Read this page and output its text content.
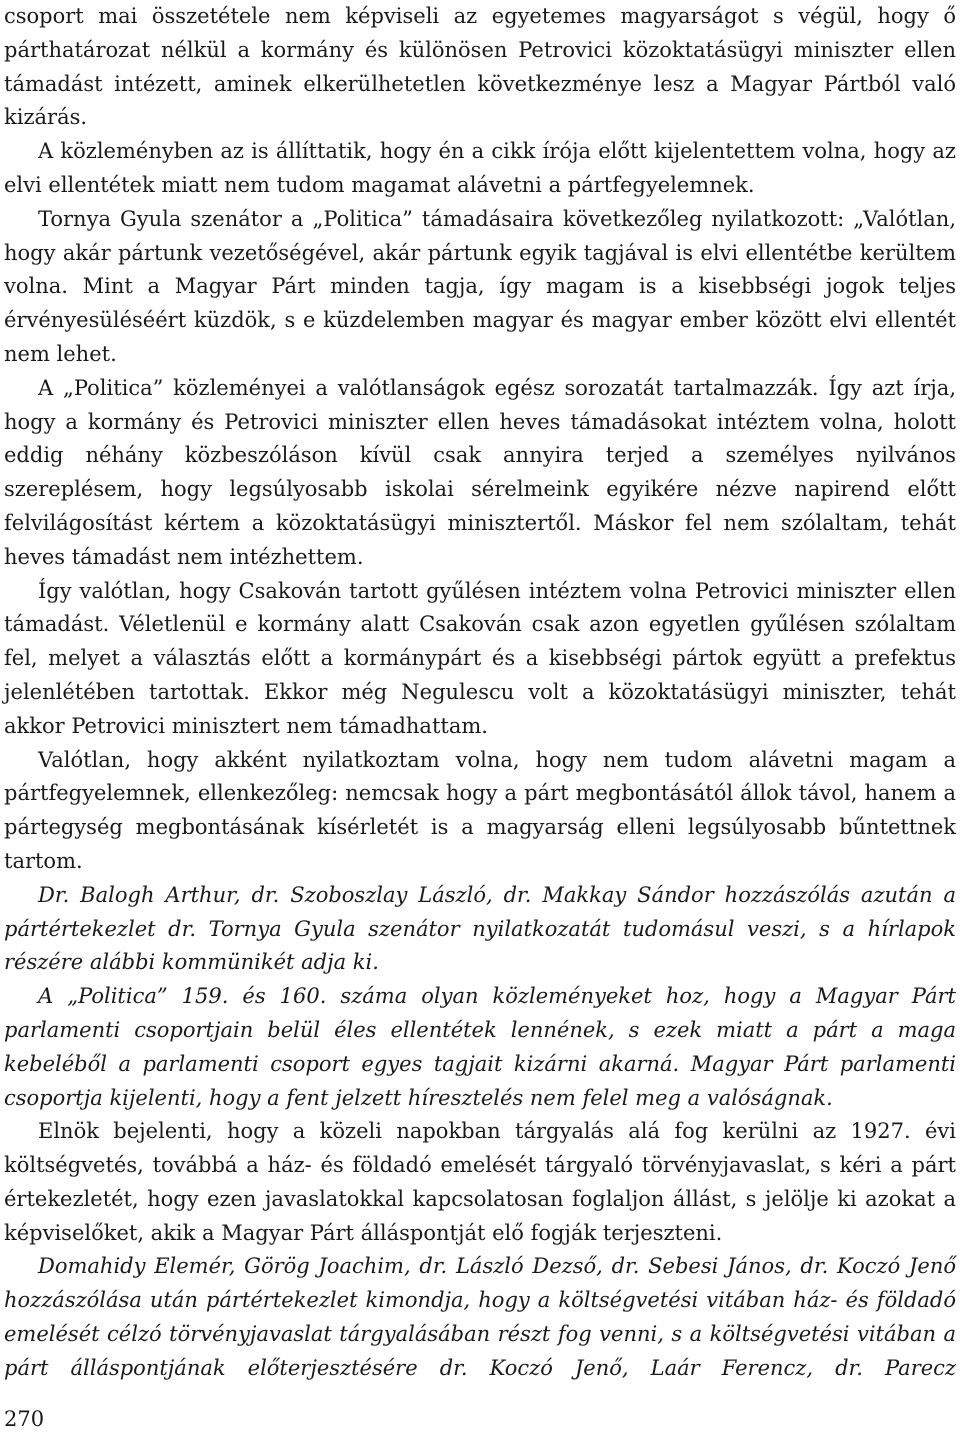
csoport mai összetétele nem képviseli az egyetemes magyarságot s végül, hogy ő párthatározat nélkül a kormány és különösen Petrovici közoktatásügyi miniszter ellen támadást intézett, aminek elkerülhetetlen következménye lesz a Magyar Pártból való kizárás.

A közleményben az is állíttatik, hogy én a cikk írója előtt kijelentettem volna, hogy az elvi ellentétek miatt nem tudom magamat alávetni a pártfegyelemnek.

Tornya Gyula szenátor a „Politica” támadásaira következőleg nyilatkozott: „Valótlan, hogy akár pártunk vezetőségével, akár pártunk egyik tagjával is elvi ellentétbe kerültem volna. Mint a Magyar Párt minden tagja, így magam is a kisebbségi jogok teljes érvényesüléséért küzdök, s e küzdelemben magyar és magyar ember között elvi ellentét nem lehet.

A „Politica” közleményei a valótlanságok egész sorozatát tartalmazzák. Így azt írja, hogy a kormány és Petrovici miniszter ellen heves támadásokat intéztem volna, holott eddig néhány közbeszóláson kívül csak annyira terjed a személyes nyilvános szereplésem, hogy legsúlyosabb iskolai sérelmeink egyikére nézve napirend előtt felvilágosítást kértem a közoktatásügyi minisztertől. Máskor fel nem szólaltam, tehát heves támadást nem intézhettem.

Így valótlan, hogy Csakován tartott gyűlésen intéztem volna Petrovici miniszter ellen támadást. Véletlenül e kormány alatt Csakován csak azon egyetlen gyűlésen szólaltam fel, melyet a választás előtt a kormánypárt és a kisebbségi pártok együtt a prefektus jelenlétében tartottak. Ekkor még Negulescu volt a közoktatásügyi miniszter, tehát akkor Petrovici minisztert nem támadhattam.

Valótlan, hogy akként nyilatkoztam volna, hogy nem tudom alávetni magam a pártfegyelemnek, ellenkezőleg: nemcsak hogy a párt megbontásától állok távol, hanem a pártegység megbontásának kísérletét is a magyarság elleni legsúlyosabb bűntettnek tartom.

Dr. Balogh Arthur, dr. Szoboszlay László, dr. Makkay Sándor hozzászólás azután a pártértekezlet dr. Tornya Gyula szenátor nyilatkozatát tudomásul veszi, s a hírlapok részére alábbi kommünikét adja ki.

A „Politica” 159. és 160. száma olyan közleményeket hoz, hogy a Magyar Párt parlamenti csoportjain belül éles ellentétek lennének, s ezek miatt a párt a maga kebeléből a parlamenti csoport egyes tagjait kizárni akarná. Magyar Párt parlamenti csoportja kijelenti, hogy a fent jelzett híresztelés nem felel meg a valóságnak.

Elnök bejelenti, hogy a közeli napokban tárgyalás alá fog kerülni az 1927. évi költségvetés, továbbá a ház- és földadó emelését tárgyaló törvényjavaslat, s kéri a párt értekezletét, hogy ezen javaslatokkal kapcsolatosan foglaljon állást, s jelölje ki azokat a képviselőket, akik a Magyar Párt álláspontját elő fogják terjeszteni.

Domahidy Elemér, Görög Joachim, dr. László Dezső, dr. Sebesi János, dr. Koczó Jenő hozzászólása után pártértekezlet kimondja, hogy a költségvetési vitában ház- és földadó emelését célzó törvényjavaslat tárgyalásában részt fog venni, s a költségvetési vitában a párt álláspontjának előterjesztésére dr. Koczó Jenő, Laár Ferencz, dr. Parecz

270
